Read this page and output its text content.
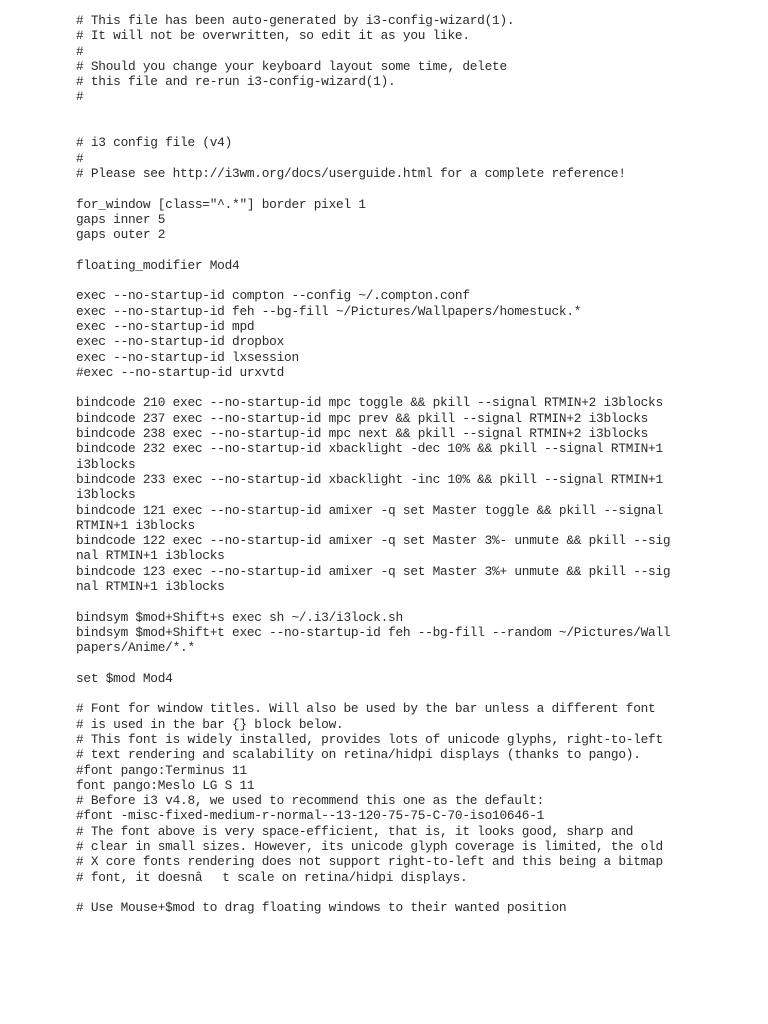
# This file has been auto-generated by i3-config-wizard(1).
# It will not be overwritten, so edit it as you like.
#
# Should you change your keyboard layout some time, delete
# this file and re-run i3-config-wizard(1).
#
# i3 config file (v4)
#
# Please see http://i3wm.org/docs/userguide.html for a complete reference!
for_window [class="^.*"] border pixel 1
gaps inner 5
gaps outer 2
floating_modifier Mod4
exec --no-startup-id compton --config ~/.compton.conf
exec --no-startup-id feh --bg-fill ~/Pictures/Wallpapers/homestuck.*
exec --no-startup-id mpd
exec --no-startup-id dropbox
exec --no-startup-id lxsession
#exec --no-startup-id urxvtd
bindcode 210 exec --no-startup-id mpc toggle && pkill --signal RTMIN+2 i3blocks
bindcode 237 exec --no-startup-id mpc prev && pkill --signal RTMIN+2 i3blocks
bindcode 238 exec --no-startup-id mpc next && pkill --signal RTMIN+2 i3blocks
bindcode 232 exec --no-startup-id xbacklight -dec 10% && pkill --signal RTMIN+1
i3blocks
bindcode 233 exec --no-startup-id xbacklight -inc 10% && pkill --signal RTMIN+1
i3blocks
bindcode 121 exec --no-startup-id amixer -q set Master toggle && pkill --signal
RTMIN+1 i3blocks
bindcode 122 exec --no-startup-id amixer -q set Master 3%- unmute && pkill --sig
nal RTMIN+1 i3blocks
bindcode 123 exec --no-startup-id amixer -q set Master 3%+ unmute && pkill --sig
nal RTMIN+1 i3blocks
bindsym $mod+Shift+s exec sh ~/.i3/i3lock.sh
bindsym $mod+Shift+t exec --no-startup-id feh --bg-fill --random ~/Pictures/Wall
papers/Anime/*.*
set $mod Mod4
# Font for window titles. Will also be used by the bar unless a different font
# is used in the bar {} block below.
# This font is widely installed, provides lots of unicode glyphs, right-to-left
# text rendering and scalability on retina/hidpi displays (thanks to pango).
#font pango:Terminus 11
font pango:Meslo LG S 11
# Before i3 v4.8, we used to recommend this one as the default:
#font -misc-fixed-medium-r-normal--13-120-75-75-C-70-iso10646-1
# The font above is very space-efficient, that is, it looks good, sharp and
# clear in small sizes. However, its unicode glyph coverage is limited, the old
# X core fonts rendering does not support right-to-left and this being a bitmap
# font, it doesnât scale on retina/hidpi displays.
# Use Mouse+$mod to drag floating windows to their wanted position
